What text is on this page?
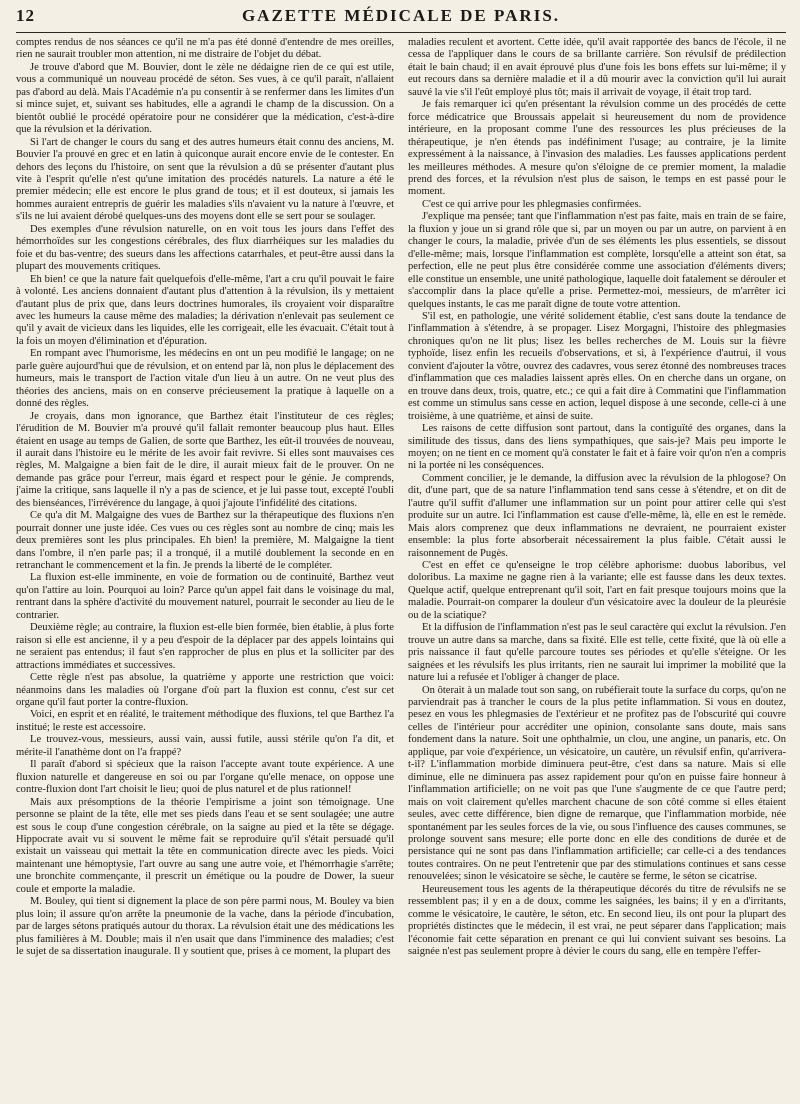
12	GAZETTE MÉDICALE DE PARIS.

comptes rendus de nos séances ce qu'il ne m'a pas été donné d'entendre de mes oreilles, rien ne saurait troubler mon attention, ni me distraire de l'objet du débat.

Je trouve d'abord que M. Bouvier, dont le zèle ne dédaigne rien de ce qui est utile, vous a communiqué un nouveau procédé de séton. Ses vues, à ce qu'il paraît, n'allaient pas d'abord au delà. Mais l'Académie n'a pu consentir à se renfermer dans les limites d'un si mince sujet, et, suivant ses habitudes, elle a agrandi le champ de la discussion. On a bientôt oublié le procédé opératoire pour ne considérer que la médication, c'est-à-dire que la révulsion et la dérivation.

Si l'art de changer le cours du sang et des autres humeurs était connu des anciens, M. Bouvier l'a prouvé en grec et en latin à quiconque aurait encore envie de le contester. En dehors des leçons du l'histoire, on sent que la révulsion a dû se présenter d'autant plus vite à l'esprit qu'elle n'est qu'une imitation des procédés naturels. La nature a été le premier médecin; elle est encore le plus grand de tous; et il est douteux, si jamais les hommes auraient entrepris de guérir les maladies s'ils n'avaient vu la nature à l'œuvre, et s'ils ne lui avaient dérobé quelques-uns des moyens dont elle se sert pour se soulager.

Des exemples d'une révulsion naturelle, on en voit tous les jours dans l'effet des hémorrhoïdes sur les congestions cérébrales, des flux diarrhéiques sur les maladies du foie et du bas-ventre; des sueurs dans les affections catarrhales, et peut-être aussi dans la plupart des mouvements critiques.

Eh bien! ce que la nature fait quelquefois d'elle-même, l'art a cru qu'il pouvait le faire à volonté. Les anciens donnaient d'autant plus d'attention à la révulsion, ils y mettaient d'autant plus de prix que, dans leurs doctrines humorales, ils croyaient voir disparaître avec les humeurs la cause même des maladies; la dérivation n'enlevait pas seulement ce qu'il y avait de vicieux dans les liquides, elle les corrigeait, elle les évacuait. C'était tout à la fois un moyen d'élimination et d'épuration.

En rompant avec l'humorisme, les médecins en ont un peu modifié le langage; on ne parle guère aujourd'hui que de révulsion, et on entend par là, non plus le déplacement des humeurs, mais le transport de l'action vitale d'un lieu à un autre. On ne veut plus des théories des anciens, mais on en conserve précieusement la pratique à laquelle on a donné des règles.

Je croyais, dans mon ignorance, que Barthez était l'instituteur de ces règles; l'érudition de M. Bouvier m'a prouvé qu'il fallait remonter beaucoup plus haut. Elles étaient en usage au temps de Galien, de sorte que Barthez, les eût-il trouvées de nouveau, il aurait dans l'histoire eu le mérite de les avoir fait revivre. Si elles sont mauvaises ces règles, M. Malgaigne a bien fait de le dire, il aurait mieux fait de le prouver. On ne demande pas grâce pour l'erreur, mais égard et respect pour le génie. Je comprends, j'aime la critique, sans laquelle il n'y a pas de science, et je lui passe tout, excepté l'oubli des bienséances, l'irrévérence du langage, à quoi j'ajoute l'infidélité des citations.

Ce qu'a dit M. Malgaigne des vues de Barthez sur la thérapeutique des fluxions n'en pourrait donner une juste idée. Ces vues ou ces règles sont au nombre de cinq; mais les deux premières sont les plus principales. Eh bien! la première, M. Malgaigne la tient dans l'ombre, il n'en parle pas; il a tronqué, il a mutilé doublement la seconde en en retranchant le commencement et la fin. Je prends la liberté de le compléter.

La fluxion est-elle imminente, en voie de formation ou de continuité, Barthez veut qu'on l'attire au loin. Pourquoi au loin? Parce qu'un appel fait dans le voisinage du mal, rentrant dans la sphère d'activité du mouvement naturel, pourrait le seconder au lieu de le contrarier.

Deuxième règle; au contraire, la fluxion est-elle bien formée, bien établie, à plus forte raison si elle est ancienne, il y a peu d'espoir de la déplacer par des appels lointains qui ne seraient pas entendus; il faut s'en rapprocher de plus en plus et la solliciter par des attractions immédiates et successives.

Cette règle n'est pas absolue, la quatrième y apporte une restriction que voici: néanmoins dans les maladies où l'organe d'où part la fluxion est connu, c'est sur cet organe qu'il faut porter la contre-fluxion.

Voici, en esprit et en réalité, le traitement méthodique des fluxions, tel que Barthez l'a institué; le reste est accessoire.

Le trouvez-vous, messieurs, aussi vain, aussi futile, aussi stérile qu'on l'a dit, et mérite-il l'anathème dont on l'a frappé?

Il paraît d'abord si spécieux que la raison l'accepte avant toute expérience. A une fluxion naturelle et dangereuse en soi ou par l'organe qu'elle menace, on oppose une contre-fluxion dont l'art choisit le lieu; quoi de plus naturel et de plus rationnel!

Mais aux présomptions de la théorie l'empirisme a joint son témoignage. Une personne se plaint de la tête, elle met ses pieds dans l'eau et se sent soulagée; une autre est sous le coup d'une congestion cérébrale, on la saigne au pied et la tête se dégage. Hippocrate avait vu si souvent le même fait se reproduire qu'il s'était persuadé qu'il existait un vaisseau qui mettait la tête en communication directe avec les pieds. Voici maintenant une hémoptysie, l'art ouvre au sang une autre voie, et l'hémorrhagie s'arrête; une bronchite commençante, il prescrit un émétique ou la poudre de Dower, la sueur coule et emporte la maladie.

M. Bouley, qui tient si dignement la place de son père parmi nous, M. Bouley va bien plus loin; il assure qu'on arrête la pneumonie de la vache, dans la période d'incubation, par de larges sétons pratiqués autour du thorax. La révulsion était une des médications les plus familières à M. Double; mais il n'en usait que dans l'imminence des maladies; c'est le sujet de sa dissertation inaugurale. Il y soutient que, prises à ce moment, la plupart des

maladies reculent et avortent. Cette idée, qu'il avait rapportée des bancs de l'école, il ne cessa de l'appliquer dans le cours de sa brillante carrière. Son révulsif de prédilection était le bain chaud; il en avait éprouvé plus d'une fois les bons effets sur lui-même; il y eut recours dans sa dernière maladie et il a dû mourir avec la conviction qu'il lui aurait sauvé la vie s'il l'eût employé plus tôt; mais il arrivait de voyage, il était trop tard.

Je fais remarquer ici qu'en présentant la révulsion comme un des procédés de cette force médicatrice que Broussais appelait si heureusement du nom de providence intérieure, en la proposant comme l'une des ressources les plus précieuses de la thérapeutique, je n'en étends pas indéfiniment l'usage; au contraire, je la limite expressément à la naissance, à l'invasion des maladies. Les fausses applications perdent les meilleures méthodes. A mesure qu'on s'éloigne de ce premier moment, la maladie prend des forces, et la révulsion n'est plus de saison, le temps en est passé pour le moment.

C'est ce qui arrive pour les phlegmasies confirmées.

J'explique ma pensée; tant que l'inflammation n'est pas faite, mais en train de se faire, la fluxion y joue un si grand rôle que si, par un moyen ou par un autre, on parvient à en changer le cours, la maladie, privée d'un de ses éléments les plus essentiels, se dissout d'elle-même; mais, lorsque l'inflammation est complète, lorsqu'elle a atteint son état, sa perfection, elle ne peut plus être considérée comme une association d'éléments divers; elle constitue un ensemble, une unité pathologique, laquelle doit fatalement se dérouler et s'accomplir dans la place qu'elle a prise. Permettez-moi, messieurs, de m'arrêter ici quelques instants, le cas me paraît digne de toute votre attention.

S'il est, en pathologie, une vérité solidement établie, c'est sans doute la tendance de l'inflammation à s'étendre, à se propager. Lisez Morgagni, l'histoire des phlegmasies chroniques qu'on ne lit plus; lisez les belles recherches de M. Louis sur la fièvre typhoïde, lisez enfin les recueils d'observations, et si, à l'expérience d'autrui, il vous convient d'ajouter la vôtre, ouvrez des cadavres, vous serez étonné des nombreuses traces d'inflammation que ces maladies laissent après elles. On en cherche dans un organe, on en trouve dans deux, trois, quatre, etc.; ce qui a fait dire à Commatini que l'inflammation est comme un stimulus sans cesse en action, lequel dispose à une seconde, celle-ci à une troisième, à une quatrième, et ainsi de suite.

Les raisons de cette diffusion sont partout, dans la contiguïté des organes, dans la similitude des tissus, dans des liens sympathiques, que sais-je? Mais peu importe le moyen; on ne tient en ce moment qu'à constater le fait et à faire voir qu'on n'en a compris ni la portée ni les conséquences.

Comment concilier, je le demande, la diffusion avec la révulsion de la phlogose? On dit, d'une part, que de sa nature l'inflammation tend sans cesse à s'étendre, et on dit de l'autre qu'il suffit d'allumer une inflammation sur un point pour attirer celle qui s'est produite sur un autre. Ici l'inflammation est cause d'elle-même, là, elle en est le remède. Mais alors comprenez que deux inflammations ne devraient, ne pourraient exister ensemble: la plus forte absorberait nécessairement la plus faible. C'était aussi le raisonnement de Pugès.

C'est en effet ce qu'enseigne le trop célèbre aphorisme: duobus laboribus, vel doloribus. La maxime ne gagne rien à la variante; elle est fausse dans les deux textes. Quelque actif, quelque entreprenant qu'il soit, l'art en fait presque toujours moins que la maladie. Pourrait-on comparer la douleur d'un vésicatoire avec la douleur de la pleurésie ou de la sciatique?

Et la diffusion de l'inflammation n'est pas le seul caractère qui exclut la révulsion. J'en trouve un autre dans sa marche, dans sa fixité. Elle est telle, cette fixité, que là où elle a pris naissance il faut qu'elle parcoure toutes ses périodes et qu'elle s'éteigne. Or les saignées et les révulsifs les plus irritants, rien ne saurait lui imprimer la mobilité que la nature lui a refusée et l'obliger à changer de place.

On ôterait à un malade tout son sang, on rubéfierait toute la surface du corps, qu'on ne parviendrait pas à trancher le cours de la plus petite inflammation. Si vous en doutez, pesez en vous les phlegmasies de l'extérieur et ne profitez pas de l'obscurité qui couvre celles de l'intérieur pour accréditer une opinion, consolante sans doute, mais sans fondement dans la nature. Soit une ophthalmie, un clou, une angine, un panaris, etc. On applique, par voie d'expérience, un vésicatoire, un cautère, un révulsif enfin, qu'arrivera-t-il? L'inflammation morbide diminuera peut-être, c'est dans sa nature. Mais si elle diminue, elle ne diminuera pas assez rapidement pour qu'on en puisse faire honneur à l'inflammation artificielle; on ne voit pas que l'une s'augmente de ce que l'autre perd; mais on voit clairement qu'elles marchent chacune de son côté comme si elles étaient seules, avec cette différence, bien digne de remarque, que l'inflammation morbide, née spontanément par les seules forces de la vie, ou sous l'influence des causes communes, se prolonge souvent sans mesure; elle porte donc en elle des conditions de durée et de persistance qui ne sont pas dans l'inflammation artificielle; car celle-ci a des tendances toutes contraires. On ne peut l'entretenir que par des stimulations continues et sans cesse renouvelées; sinon le vésicatoire se sèche, le cautère se ferme, le séton se cicatrise.

Heureusement tous les agents de la thérapeutique décorés du titre de révulsifs ne se ressemblent pas; il y en a de doux, comme les saignées, les bains; il y en a d'irritants, comme le vésicatoire, le cautère, le séton, etc. En second lieu, ils ont pour la plupart des propriétés distinctes que le médecin, il est vrai, ne peut séparer dans l'application; mais l'économie fait cette séparation en prenant ce qui lui convient suivant ses besoins. La saignée n'est pas seulement propre à dévier le cours du sang, elle en tempère l'effer-
